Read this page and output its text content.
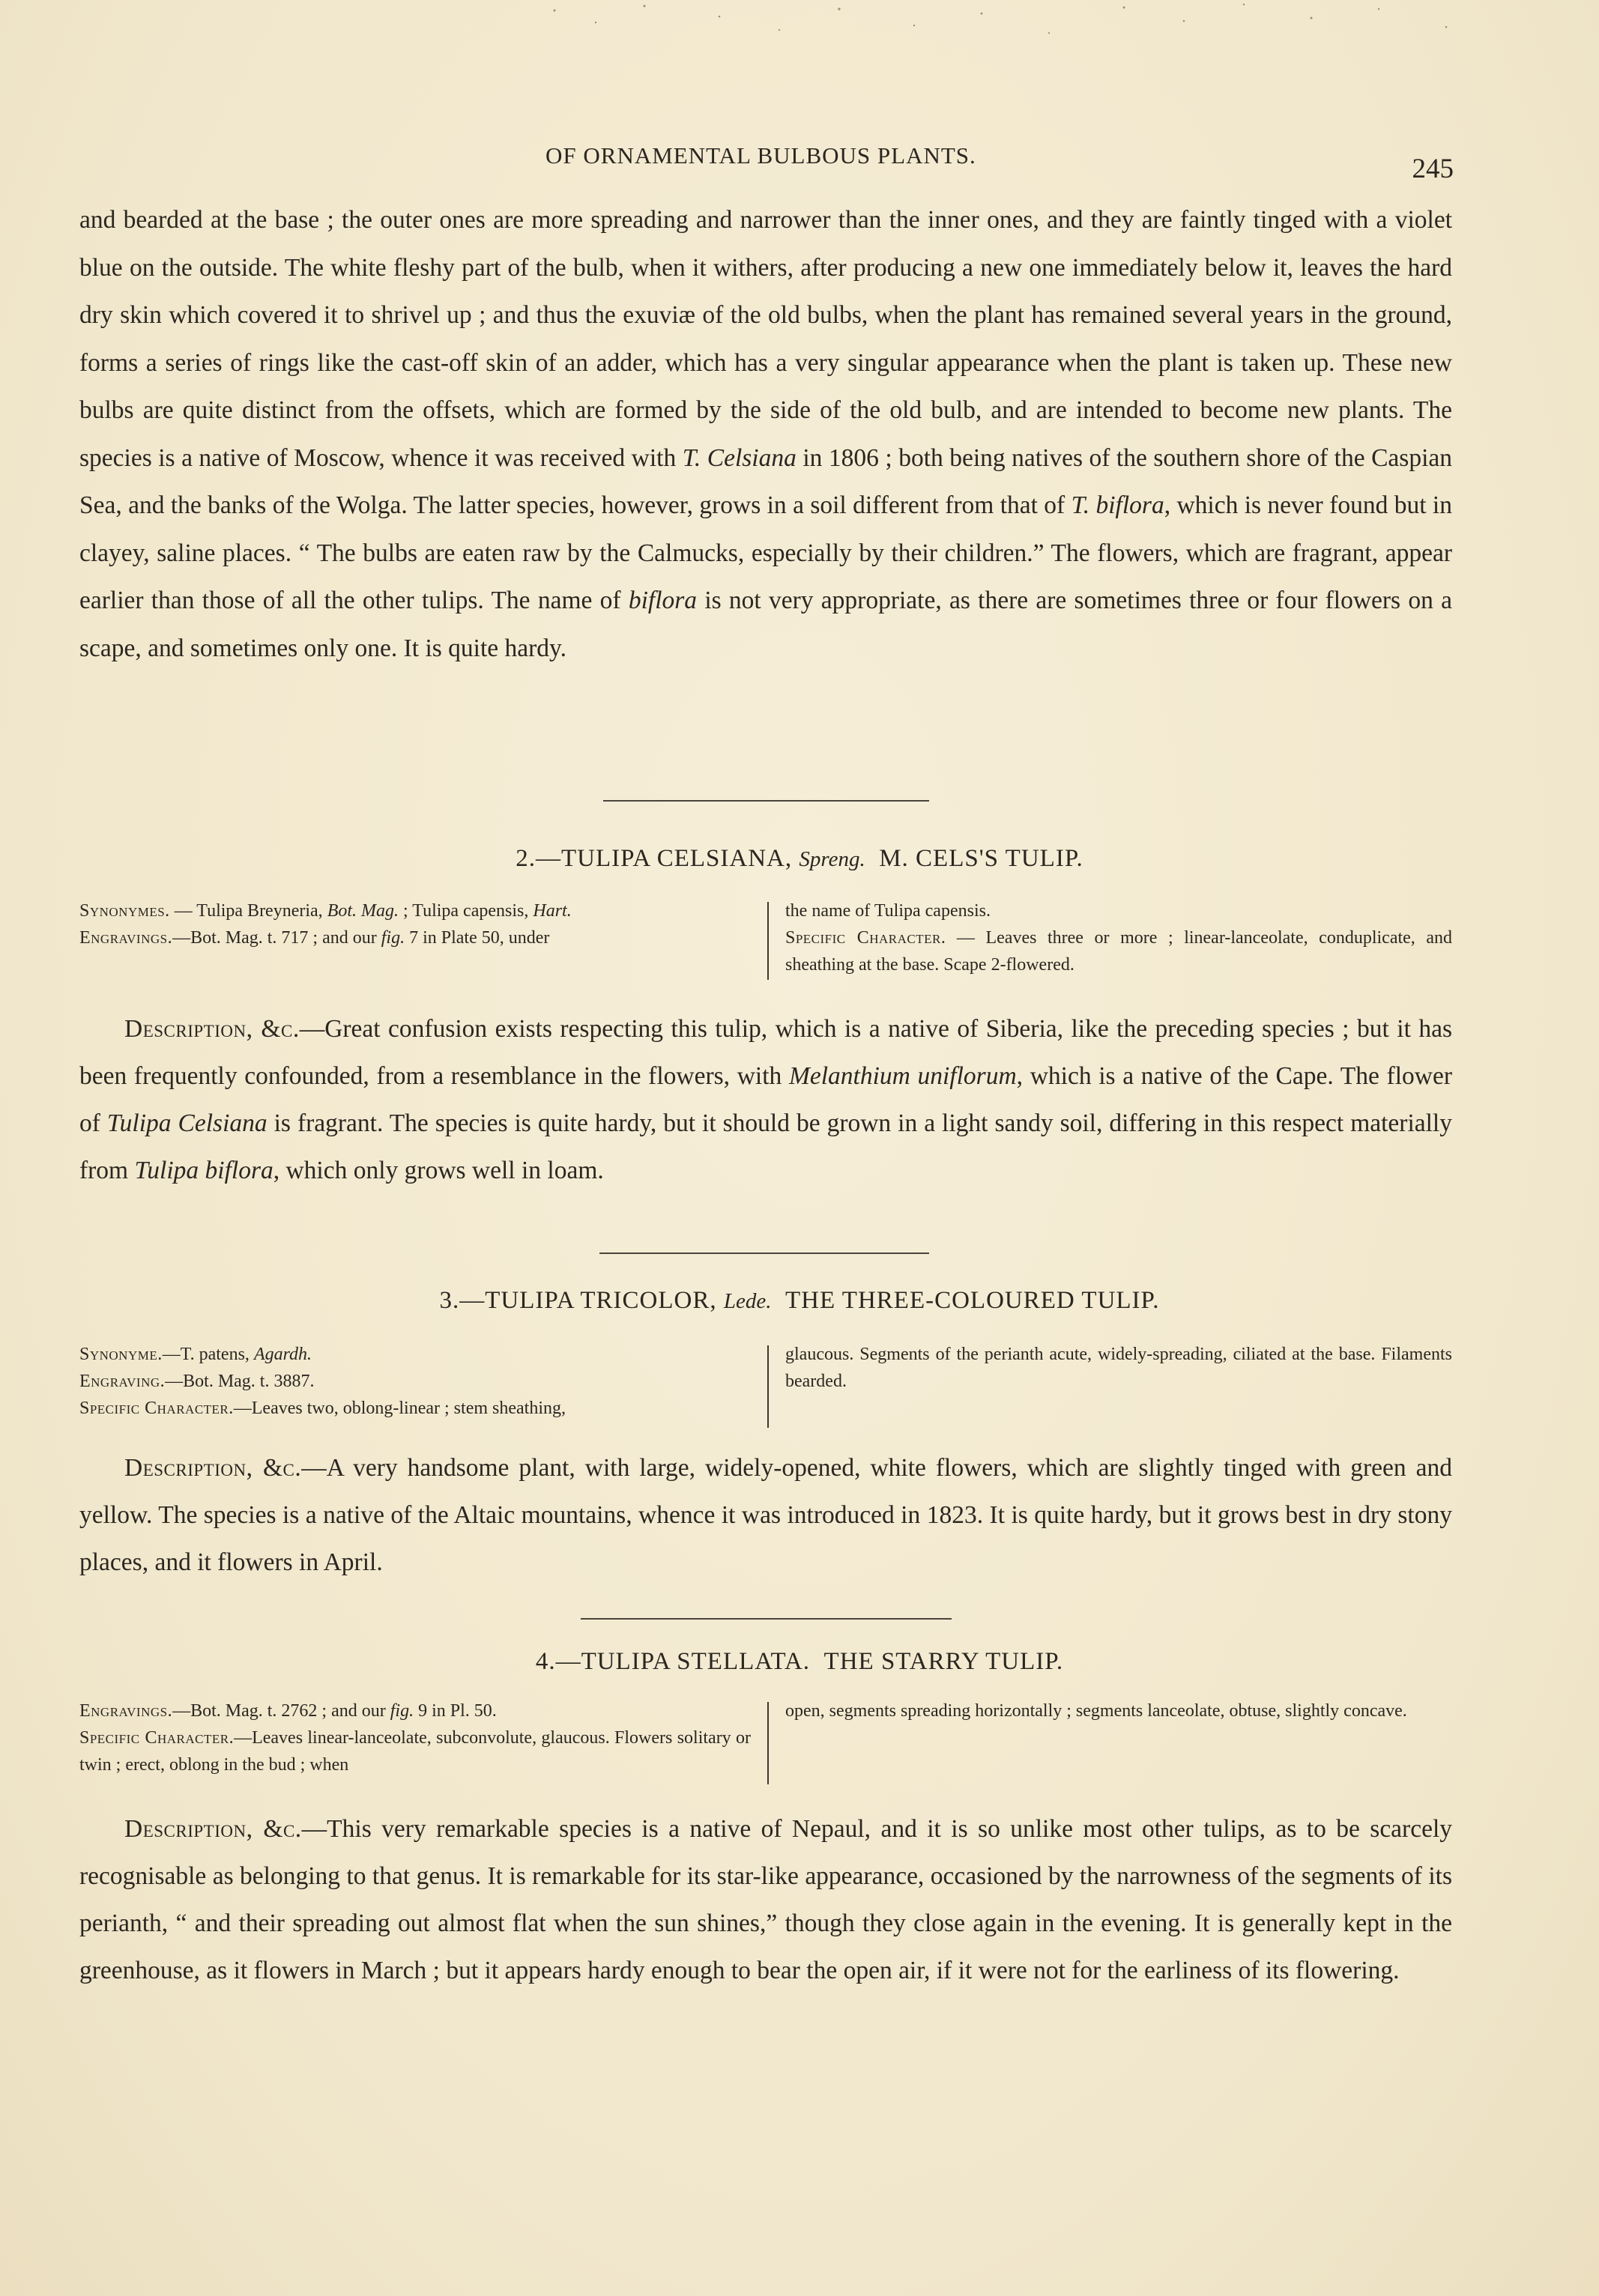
OF ORNAMENTAL BULBOUS PLANTS.	245

and bearded at the base ; the outer ones are more spreading and narrower than the inner ones, and they are faintly tinged with a violet blue on the outside. The white fleshy part of the bulb, when it withers, after producing a new one immediately below it, leaves the hard dry skin which covered it to shrivel up ; and thus the exuviæ of the old bulbs, when the plant has remained several years in the ground, forms a series of rings like the cast-off skin of an adder, which has a very singular appearance when the plant is taken up. These new bulbs are quite distinct from the offsets, which are formed by the side of the old bulb, and are intended to become new plants. The species is a native of Moscow, whence it was received with T. Celsiana in 1806 ; both being natives of the southern shore of the Caspian Sea, and the banks of the Wolga. The latter species, however, grows in a soil different from that of T. biflora, which is never found but in clayey, saline places. “ The bulbs are eaten raw by the Calmucks, especially by their children.” The flowers, which are fragrant, appear earlier than those of all the other tulips. The name of biflora is not very appropriate, as there are sometimes three or four flowers on a scape, and sometimes only one. It is quite hardy.

2.—TULIPA CELSIANA, Spreng. M. CELS'S TULIP.
Synonymes. — Tulipa Breyneria, Bot. Mag. ; Tulipa capensis, Hart.
Engravings.—Bot. Mag. t. 717 ; and our fig. 7 in Plate 50, under
the name of Tulipa capensis.
Specific Character. — Leaves three or more ; linear-lanceolate, conduplicate, and sheathing at the base. Scape 2-flowered.

Description, &c.—Great confusion exists respecting this tulip, which is a native of Siberia, like the preceding species ; but it has been frequently confounded, from a resemblance in the flowers, with Melanthium uniflorum, which is a native of the Cape. The flower of Tulipa Celsiana is fragrant. The species is quite hardy, but it should be grown in a light sandy soil, differing in this respect materially from Tulipa biflora, which only grows well in loam.

3.—TULIPA TRICOLOR, Lede. THE THREE-COLOURED TULIP.
Synonyme.—T. patens, Agardh.
Engraving.—Bot. Mag. t. 3887.
Specific Character.—Leaves two, oblong-linear ; stem sheathing,
glaucous. Segments of the perianth acute, widely-spreading, ciliated at the base. Filaments bearded.

Description, &c.—A very handsome plant, with large, widely-opened, white flowers, which are slightly tinged with green and yellow. The species is a native of the Altaic mountains, whence it was introduced in 1823. It is quite hardy, but it grows best in dry stony places, and it flowers in April.

4.—TULIPA STELLATA. THE STARRY TULIP.
Engravings.—Bot. Mag. t. 2762 ; and our fig. 9 in Pl. 50.
Specific Character.—Leaves linear-lanceolate, subconvolute, glaucous. Flowers solitary or twin ; erect, oblong in the bud ; when
open, segments spreading horizontally ; segments lanceolate, obtuse, slightly concave.

Description, &c.—This very remarkable species is a native of Nepaul, and it is so unlike most other tulips, as to be scarcely recognisable as belonging to that genus. It is remarkable for its star-like appearance, occasioned by the narrowness of the segments of its perianth, “ and their spreading out almost flat when the sun shines,” though they close again in the evening. It is generally kept in the greenhouse, as it flowers in March ; but it appears hardy enough to bear the open air, if it were not for the earliness of its flowering.
